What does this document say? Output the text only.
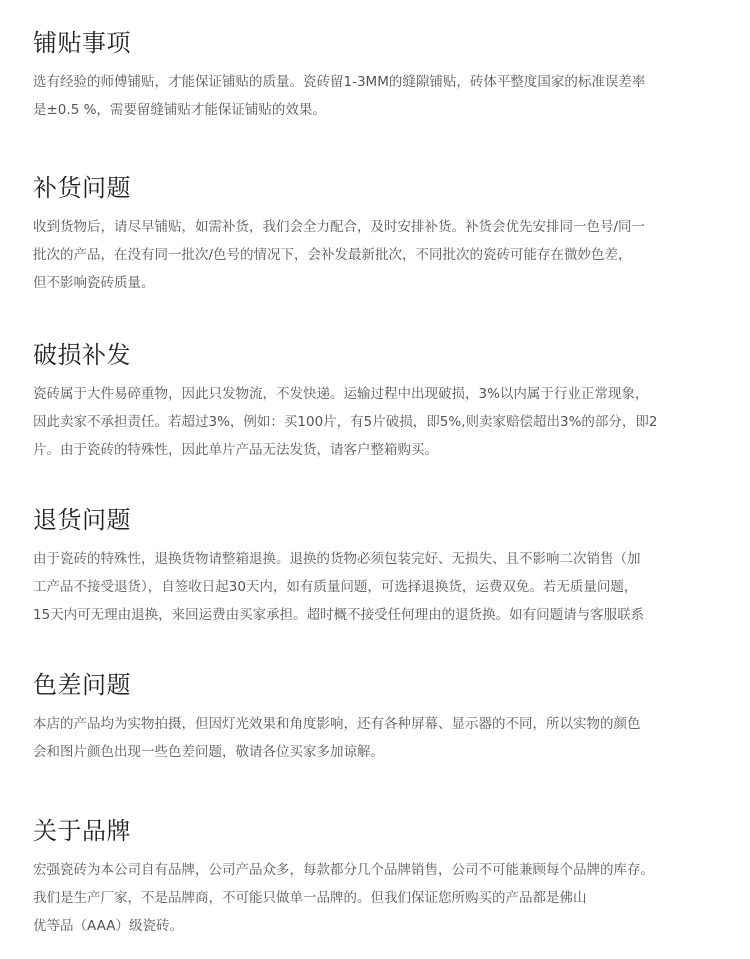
铺贴事项
选有经验的师傅铺贴，才能保证铺贴的质量。瓷砖留1-3MM的缝隙铺贴，砖体平整度国家的标准误差率
是±0.5 %，需要留缝铺贴才能保证铺贴的效果。
补货问题
收到货物后，请尽早铺贴，如需补货，我们会全力配合，及时安排补货。补货会优先安排同一色号/同一
批次的产品，在没有同一批次/色号的情况下，会补发最新批次，不同批次的瓷砖可能存在微妙色差，
但不影响瓷砖质量。
破损补发
瓷砖属于大件易碎重物，因此只发物流，不发快递。运输过程中出现破损，3%以内属于行业正常现象，
因此卖家不承担责任。若超过3%，例如：买100片，有5片破损，即5%,则卖家赔偿超出3%的部分，即2
片。由于瓷砖的特殊性，因此单片产品无法发货，请客户整箱购买。
退货问题
由于瓷砖的特殊性，退换货物请整箱退换。退换的货物必须包装完好、无损失、且不影响二次销售（加
工产品不接受退货），自签收日起30天内，如有质量问题，可选择退换货，运费双免。若无质量问题，
15天内可无理由退换，来回运费由买家承担。超时概不接受任何理由的退货换。如有问题请与客服联系
色差问题
本店的产品均为实物拍摄，但因灯光效果和角度影响，还有各种屏幕、显示器的不同，所以实物的颜色
会和图片颜色出现一些色差问题，敬请各位买家多加谅解。
关于品牌
宏强瓷砖为本公司自有品牌，公司产品众多，每款都分几个品牌销售，公司不可能兼顾每个品牌的库存。
我们是生产厂家，不是品牌商，不可能只做单一品牌的。但我们保证您所购买的产品都是佛山
优等品（AAA）级瓷砖。
